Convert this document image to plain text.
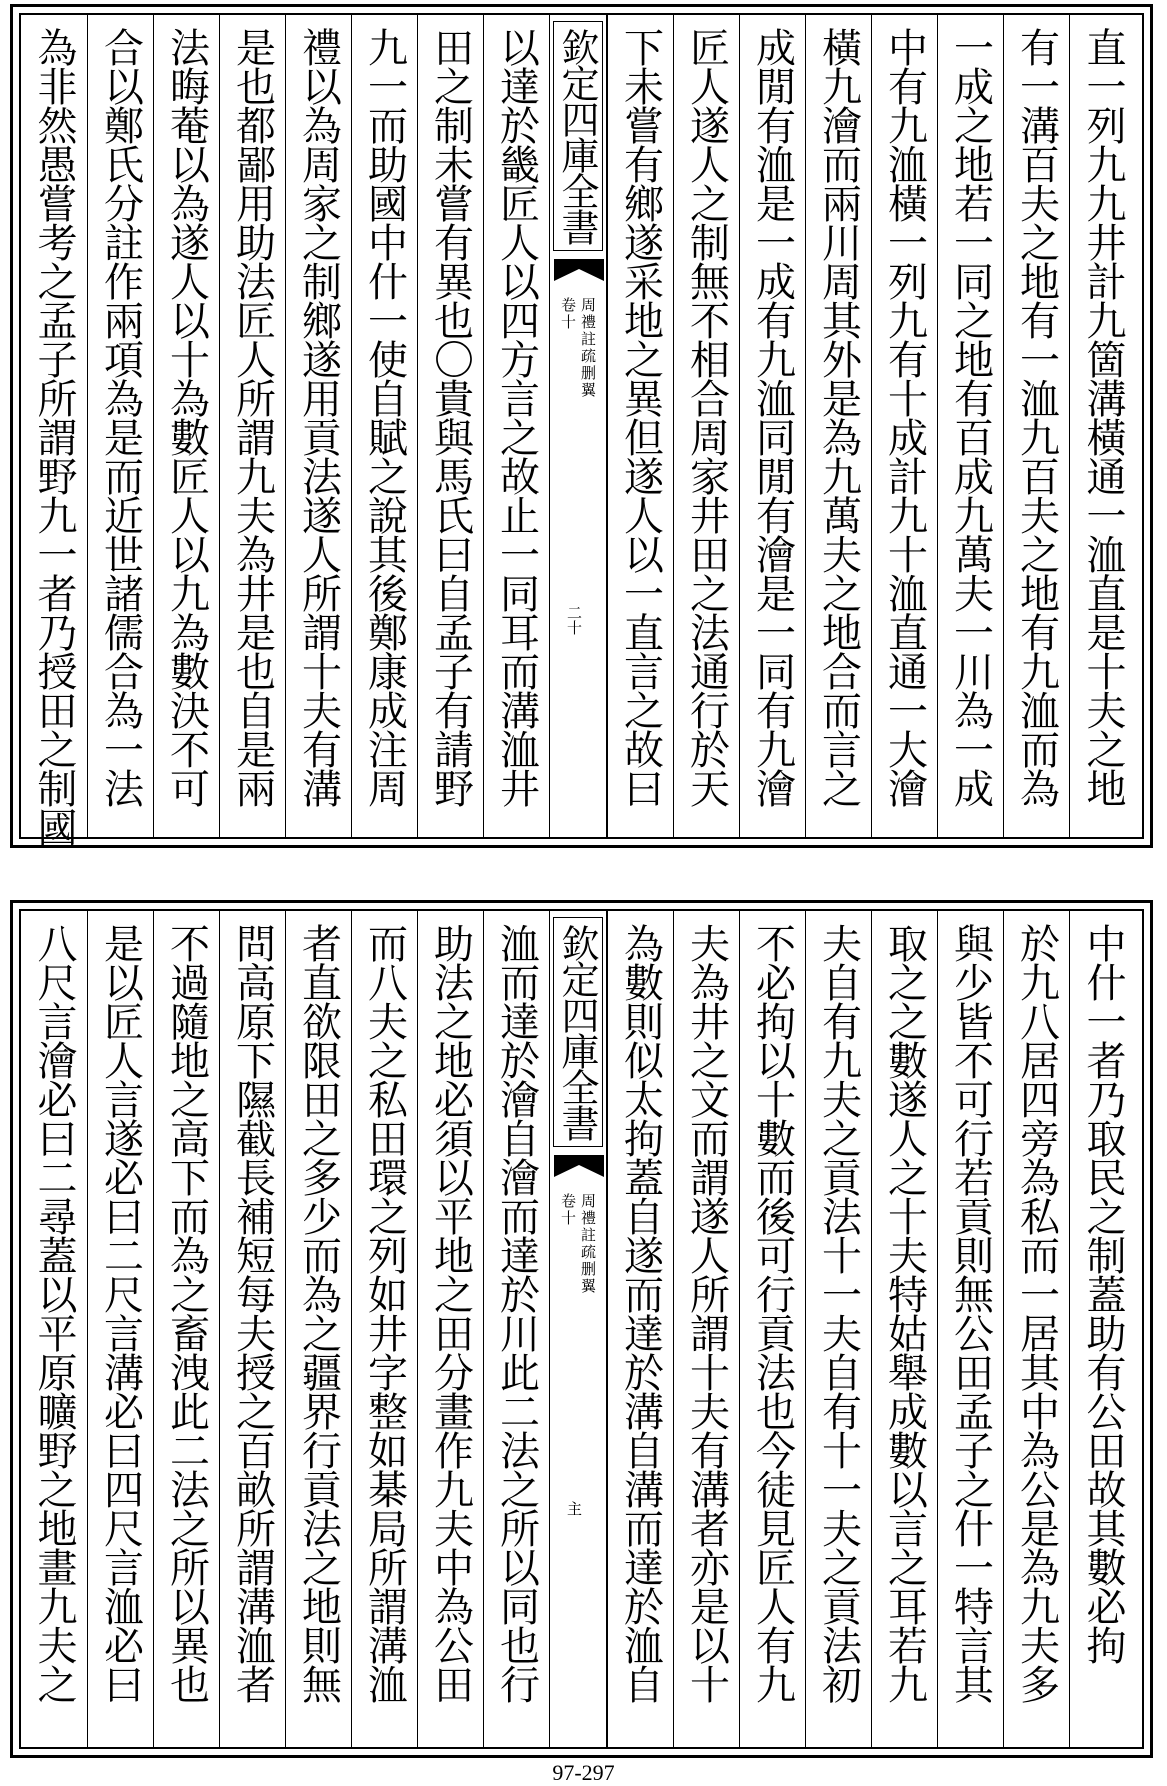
為非然愚嘗考之孟子所謂野九一者乃授田之制國 合以鄭氏分註作兩項為是而近世諸儒合為一法 法晦菴以為遂人以十為數匠人以九為數決不可 是也都鄙用助法匠人所謂九夫為井是也自是兩 禮以為周家之制鄉遂用貢法遂人所謂十夫有溝 九一而助國中什一使自賦之說其後鄭康成注周 田之制未嘗有異也〇貴與馬氏曰自孟子有請野 以達於畿匠人以四方言之故止一同耳而溝洫井 欽定四庫全書
周禮註疏删翼
卷十
二十 下未嘗有鄉遂采地之異但遂人以一直言之故曰 匠人遂人之制無不相合周家井田之法通行於天 成閒有洫是一成有九洫同閒有澮是一同有九澮 橫九澮而兩川周其外是為九萬夫之地合而言之 中有九洫橫一列九有十成計九十洫直通一大澮 一成之地若一同之地有百成九萬夫一川為一成 有一溝百夫之地有一洫九百夫之地有九洫而為 直一列九九井計九箇溝橫通一洫直是十夫之地
八尺言澮必曰二尋蓋以平原曠野之地畫九夫之 是以匠人言遂必曰二尺言溝必曰四尺言洫必曰 不過隨地之高下而為之畜洩此二法之所以異也 問高原下隰截長補短每夫授之百畝所謂溝洫者 者直欲限田之多少而為之疆界行貢法之地則無 而八夫之私田環之列如井字整如棊局所謂溝洫 助法之地必須以平地之田分畫作九夫中為公田 洫而達於澮自澮而達於川此二法之所以同也行 欽定四庫全書
周禮註疏删翼
卷十
主 為數則似太拘蓋自遂而達於溝自溝而達於洫自 夫為井之文而謂遂人所謂十夫有溝者亦是以十 不必拘以十數而後可行貢法也今徒見匠人有九 夫自有九夫之貢法十一夫自有十一夫之貢法初 取之之數遂人之十夫特姑舉成數以言之耳若九 與少皆不可行若貢則無公田孟子之什一特言其 於九八居四旁為私而一居其中為公是為九夫多 中什一者乃取民之制蓋助有公田故其數必拘
97-297
